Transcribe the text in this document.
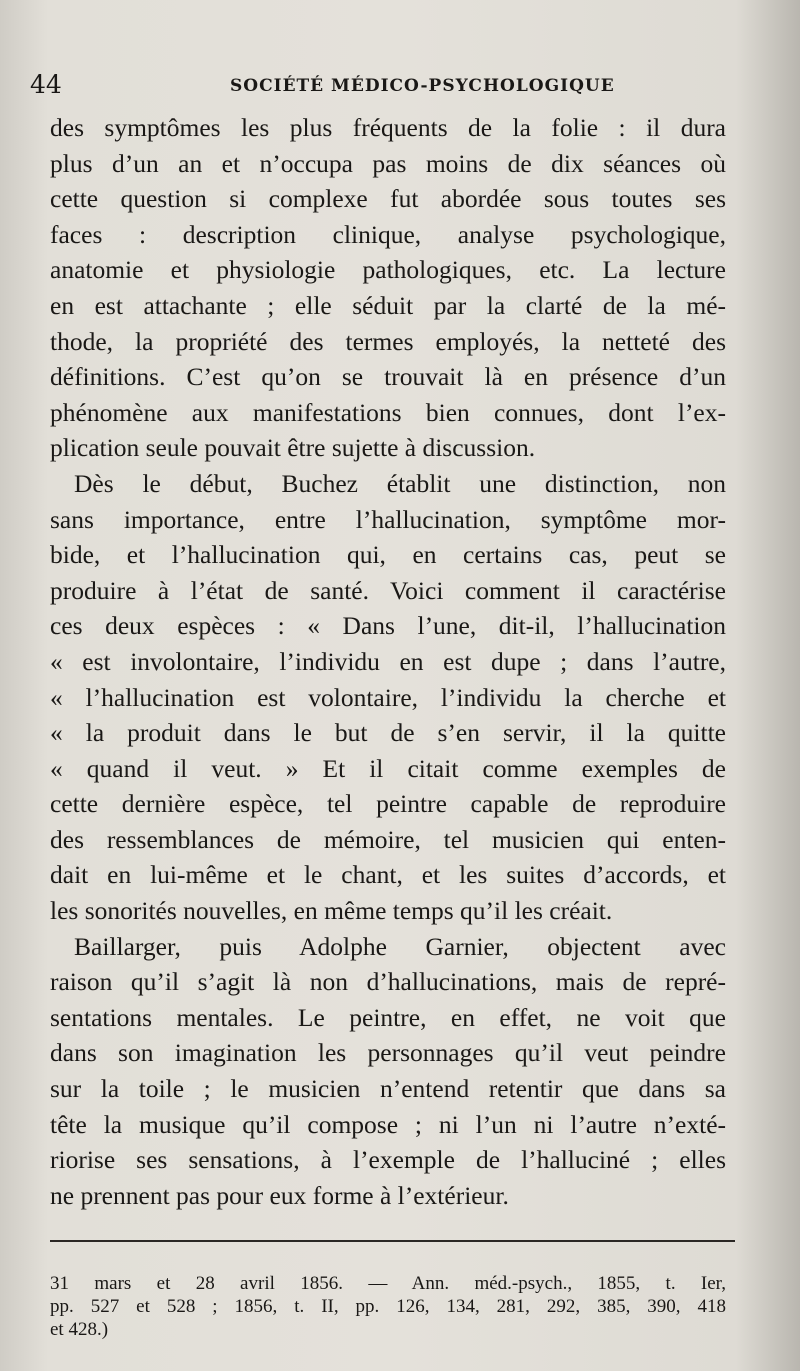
44	SOCIÉTÉ MÉDICO-PSYCHOLOGIQUE
des symptômes les plus fréquents de la folie : il dura
plus d’un an et n’occupa pas moins de dix séances où
cette question si complexe fut abordée sous toutes ses
faces : description clinique, analyse psychologique,
anatomie et physiologie pathologiques, etc. La lecture
en est attachante ; elle séduit par la clarté de la mé-
thode, la propriété des termes employés, la netteté des
définitions. C’est qu’on se trouvait là en présence d’un
phénomène aux manifestations bien connues, dont l’ex-
plication seule pouvait être sujette à discussion.
Dès le début, Buchez établit une distinction, non
sans importance, entre l’hallucination, symptôme mor-
bide, et l’hallucination qui, en certains cas, peut se
produire à l’état de santé. Voici comment il caractérise
ces deux espèces : « Dans l’une, dit-il, l’hallucination
« est involontaire, l’individu en est dupe ; dans l’autre,
« l’hallucination est volontaire, l’individu la cherche et
« la produit dans le but de s’en servir, il la quitte
« quand il veut. » Et il citait comme exemples de
cette dernière espèce, tel peintre capable de reproduire
des ressemblances de mémoire, tel musicien qui enten-
dait en lui-même et le chant, et les suites d’accords, et
les sonorités nouvelles, en même temps qu’il les créait.
Baillarger, puis Adolphe Garnier, objectent avec
raison qu’il s’agit là non d’hallucinations, mais de repré-
sentations mentales. Le peintre, en effet, ne voit que
dans son imagination les personnages qu’il veut peindre
sur la toile ; le musicien n’entend retentir que dans sa
tête la musique qu’il compose ; ni l’un ni l’autre n’exté-
riorise ses sensations, à l’exemple de l’halluciné ; elles
ne prennent pas pour eux forme à l’extérieur.
31 mars et 28 avril 1856. — Ann. méd.-psych., 1855, t. Ier,
pp. 527 et 528 ; 1856, t. II, pp. 126, 134, 281, 292, 385, 390, 418
et 428.)
